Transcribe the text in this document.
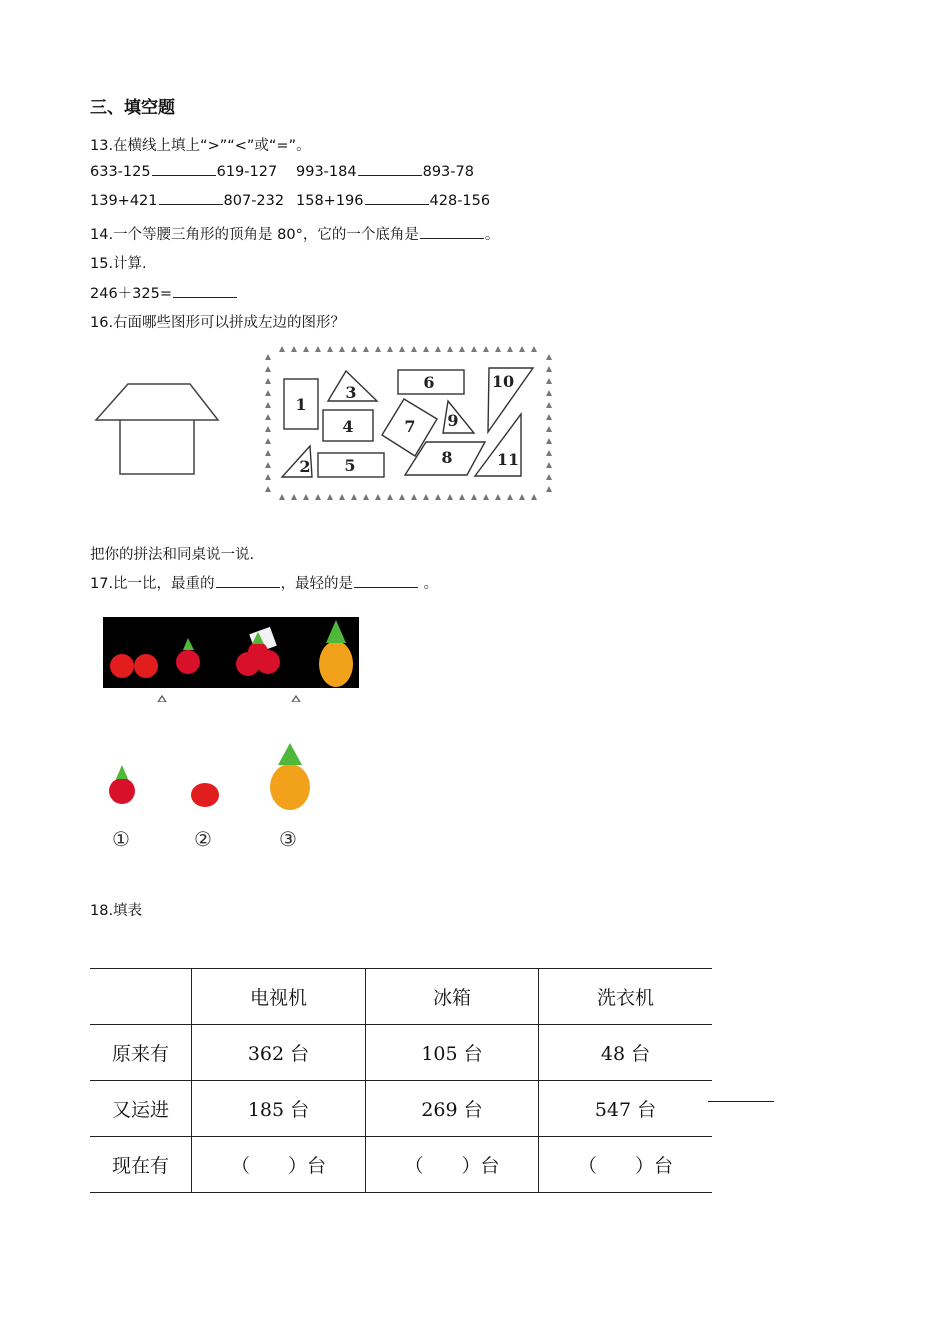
三、填空题
13.在横线上填上“>”“<”或“=”。
633-125	619-127 993-184	893-78
139+421	807-232 158+196	428-156
14.一个等腰三角形的顶角是 80°，它的一个底角是	。
15.计算.
246＋325=
16.右面哪些图形可以拼成左边的图形？
1
2
3
4
5
6
7
8
9
10
11
把你的拼法和同桌说一说.
17.比一比，最重的	，最轻的是	。
①	②	③
18.填表
	电视机	冰箱	洗衣机
原来有	362 台	105 台	48 台
又运进	185 台	269 台	547 台
现在有	（　　）台	（　　）台	（　　）台
